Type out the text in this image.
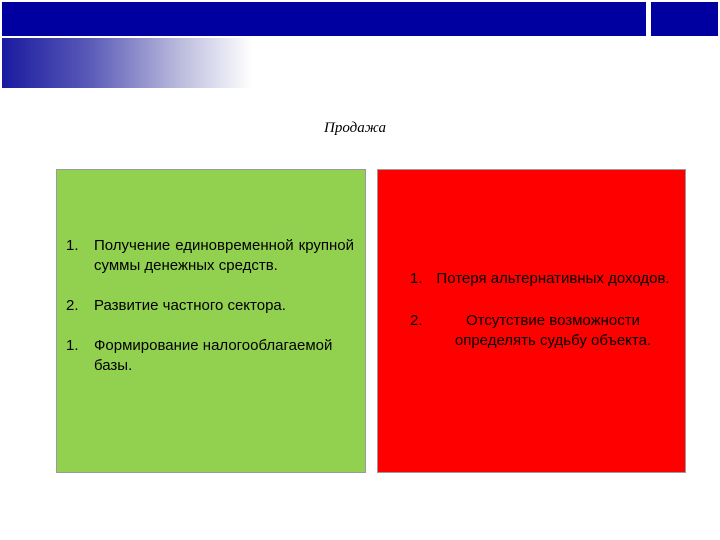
Продажа
1.	Получение единовременной крупной суммы денежных средств.
2.	Развитие частного сектора.
1.	Формирование налогооблагаемой базы.
1. Потеря альтернативных доходов.
2.	Отсутствие возможности определять судьбу объекта.
